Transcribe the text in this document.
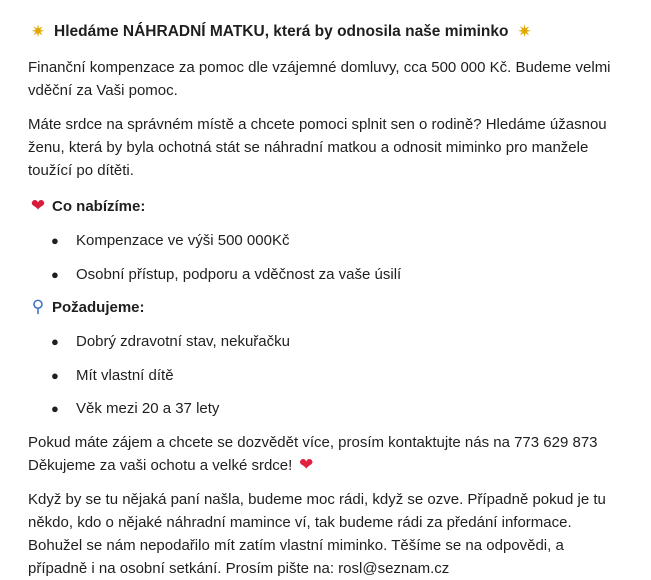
✷ Hledáme NÁHRADNÍ MATKU, která by odnosila naše miminko ✷

Finanční kompenzace za pomoc dle vzájemné domluvy, cca 500 000 Kč. Budeme velmi vděční za Vaši pomoc.

Máte srdce na správném místě a chcete pomoci splnit sen o rodině? Hledáme úžasnou ženu, která by byla ochotná stát se náhradní matkou a odnosit miminko pro manžele toužící po dítěti.

❤ Co nabízíme:
● Kompenzace ve výši 500 000Kč
● Osobní přístup, podporu a vděčnost za vaše úsilí
⚲ Požadujeme:
● Dobrý zdravotní stav, nekuřačku
● Mít vlastní dítě
● Věk mezi 20 a 37 lety

Pokud máte zájem a chcete se dozvědět více, prosím kontaktujte nás na 773 629 873

Děkujeme za vaši ochotu a velké srdce! ❤

Když by se tu nějaká paní našla, budeme moc rádi, když se ozve. Případně pokud je tu někdo, kdo o nějaké náhradní mamince ví, tak budeme rádi za předání informace. Bohužel se nám nepodařilo mít zatím vlastní miminko. Těšíme se na odpovědi, a případně i na osobní setkání. Prosím pište na: rosl@seznam.cz
